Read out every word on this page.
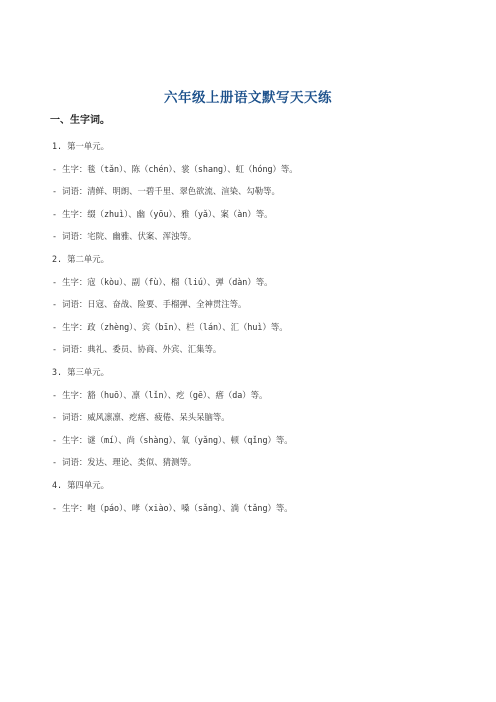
六年级上册语文默写天天练
一、生字词。
1. 第一单元。
- 生字：毯（tǎn）、陈（chén）、裳（shang）、虹（hóng）等。
- 词语：清鲜、明朗、一碧千里、翠色欲流、渲染、勾勒等。
- 生字：缀（zhuì）、幽（yōu）、雅（yǎ）、案（àn）等。
- 词语：宅院、幽雅、伏案、浑浊等。
2. 第二单元。
- 生字：寇（kòu）、副（fù）、榴（liú）、弹（dàn）等。
- 词语：日寇、奋战、险要、手榴弹、全神贯注等。
- 生字：政（zhèng）、宾（bīn）、栏（lán）、汇（huì）等。
- 词语：典礼、委员、协商、外宾、汇集等。
3. 第三单元。
- 生字：豁（huō）、凛（lǐn）、疙（gē）、瘩（da）等。
- 词语：威风凛凛、疙瘩、疲倦、呆头呆脑等。
- 生字：谜（mí）、尚（shàng）、氧（yǎng）、顿（qǐng）等。
- 词语：发达、理论、类似、猜测等。
4. 第四单元。
- 生字：咆（páo）、哮（xiào）、嗓（sǎng）、淌（tǎng）等。
